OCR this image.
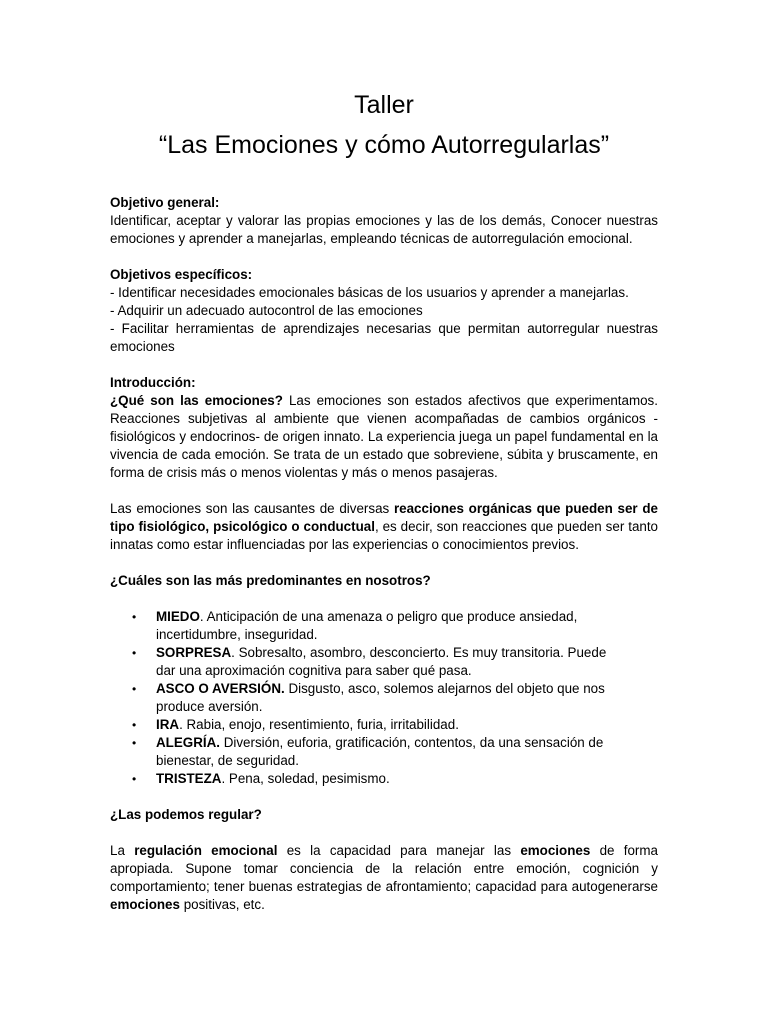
Taller
“Las Emociones y cómo Autorregularlas”

Objetivo general:

Identificar, aceptar y valorar las propias emociones y las de los demás, Conocer nuestras emociones y aprender a manejarlas, empleando técnicas de autorregulación emocional.

Objetivos específicos:

- Identificar necesidades emocionales básicas de los usuarios y aprender a manejarlas.

- Adquirir un adecuado autocontrol de las emociones

- Facilitar herramientas de aprendizajes necesarias que permitan autorregular nuestras emociones

Introducción:

¿Qué son las emociones? Las emociones son estados afectivos que experimentamos. Reacciones subjetivas al ambiente que vienen acompañadas de cambios orgánicos - fisiológicos y endocrinos- de origen innato. La experiencia juega un papel fundamental en la vivencia de cada emoción. Se trata de un estado que sobreviene, súbita y bruscamente, en forma de crisis más o menos violentas y más o menos pasajeras.

Las emociones son las causantes de diversas reacciones orgánicas que pueden ser de tipo fisiológico, psicológico o conductual, es decir, son reacciones que pueden ser tanto innatas como estar influenciadas por las experiencias o conocimientos previos.

¿Cuáles son las más predominantes en nosotros?

• MIEDO. Anticipación de una amenaza o peligro que produce ansiedad, incertidumbre, inseguridad.
• SORPRESA. Sobresalto, asombro, desconcierto. Es muy transitoria. Puede dar una aproximación cognitiva para saber qué pasa.
• ASCO O AVERSIÓN. Disgusto, asco, solemos alejarnos del objeto que nos produce aversión.
• IRA. Rabia, enojo, resentimiento, furia, irritabilidad.
• ALEGRÍA. Diversión, euforia, gratificación, contentos, da una sensación de bienestar, de seguridad.
• TRISTEZA. Pena, soledad, pesimismo.

¿Las podemos regular?

La regulación emocional es la capacidad para manejar las emociones de forma apropiada. Supone tomar conciencia de la relación entre emoción, cognición y comportamiento; tener buenas estrategias de afrontamiento; capacidad para autogenerarse emociones positivas, etc.
